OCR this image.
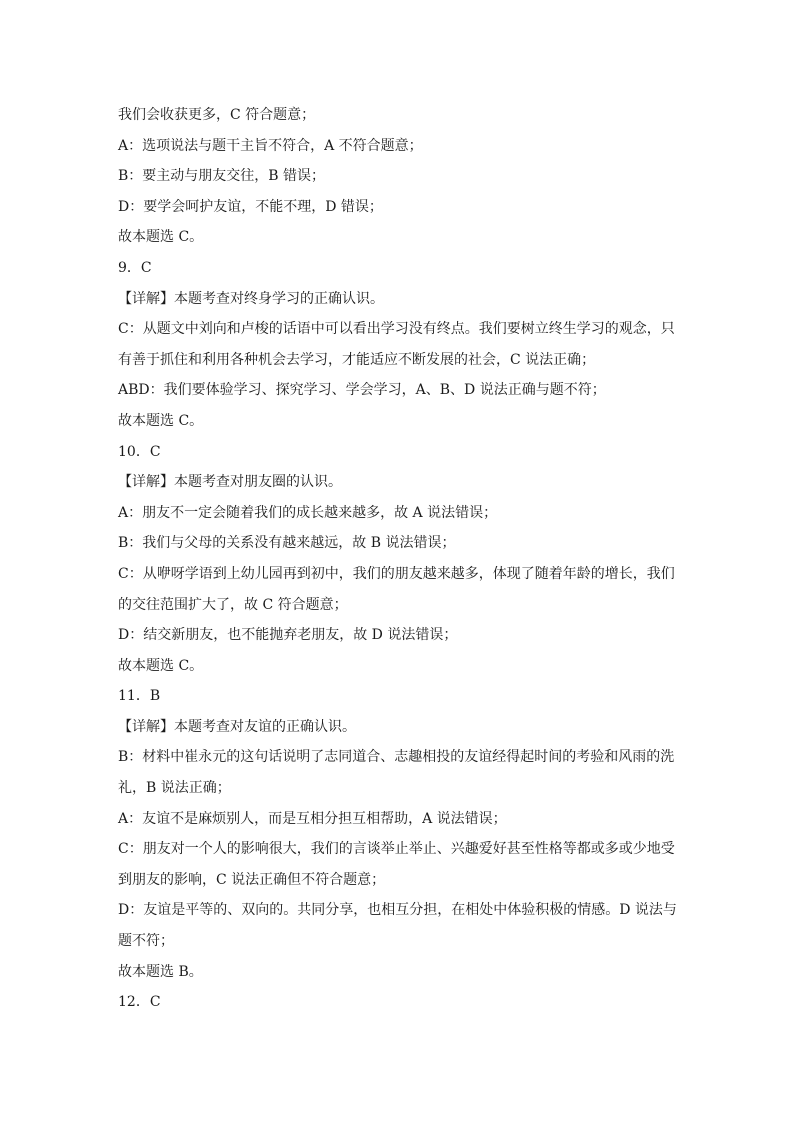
我们会收获更多，C 符合题意；
A：选项说法与题干主旨不符合，A 不符合题意；
B：要主动与朋友交往，B 错误；
D：要学会呵护友谊，不能不理，D 错误；
故本题选 C。
9．C
【详解】本题考查对终身学习的正确认识。
C：从题文中刘向和卢梭的话语中可以看出学习没有终点。我们要树立终生学习的观念，只
有善于抓住和利用各种机会去学习，才能适应不断发展的社会，C 说法正确；
ABD：我们要体验学习、探究学习、学会学习，A、B、D 说法正确与题不符；
故本题选 C。
10．C
【详解】本题考查对朋友圈的认识。
A：朋友不一定会随着我们的成长越来越多，故 A 说法错误；
B：我们与父母的关系没有越来越远，故 B 说法错误；
C：从咿呀学语到上幼儿园再到初中，我们的朋友越来越多，体现了随着年龄的增长，我们
的交往范围扩大了，故 C 符合题意；
D：结交新朋友，也不能抛弃老朋友，故 D 说法错误；
故本题选 C。
11．B
【详解】本题考查对友谊的正确认识。
B：材料中崔永元的这句话说明了志同道合、志趣相投的友谊经得起时间的考验和风雨的洗
礼，B 说法正确；
A：友谊不是麻烦别人，而是互相分担互相帮助，A 说法错误；
C：朋友对一个人的影响很大，我们的言谈举止举止、兴趣爱好甚至性格等都或多或少地受
到朋友的影响，C 说法正确但不符合题意；
D：友谊是平等的、双向的。共同分享，也相互分担，在相处中体验积极的情感。D 说法与
题不符；
故本题选 B。
12．C
